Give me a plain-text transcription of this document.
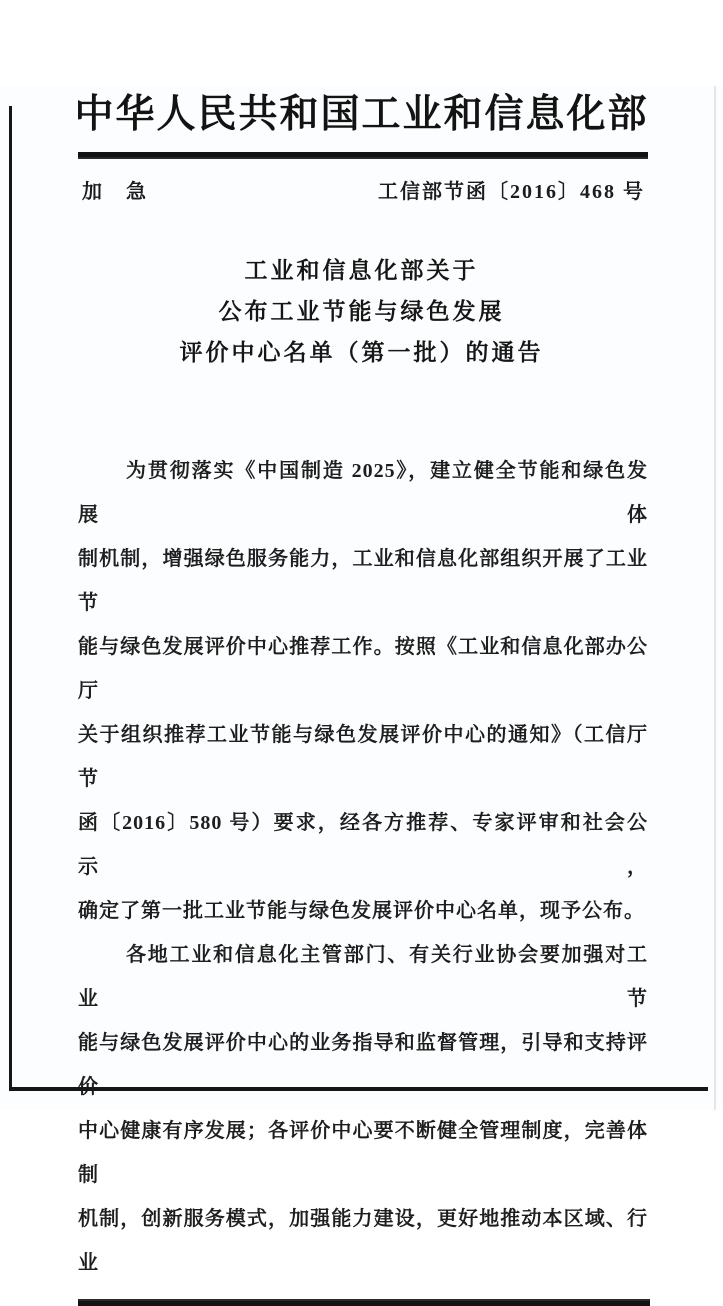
中华人民共和国工业和信息化部
加　急	工信部节函〔2016〕468 号
工业和信息化部关于
公布工业节能与绿色发展
评价中心名单（第一批）的通告
为贯彻落实《中国制造 2025》，建立健全节能和绿色发展体
制机制，增强绿色服务能力，工业和信息化部组织开展了工业节
能与绿色发展评价中心推荐工作。按照《工业和信息化部办公厅
关于组织推荐工业节能与绿色发展评价中心的通知》（工信厅节
函〔2016〕580 号）要求，经各方推荐、专家评审和社会公示，
确定了第一批工业节能与绿色发展评价中心名单，现予公布。
各地工业和信息化主管部门、有关行业协会要加强对工业节
能与绿色发展评价中心的业务指导和监督管理，引导和支持评
中心健康有序发展；各评价中心要不断健全管理制度，完善体制
机制，创新服务模式，加强能力建设，更好地推动本区域、行业
